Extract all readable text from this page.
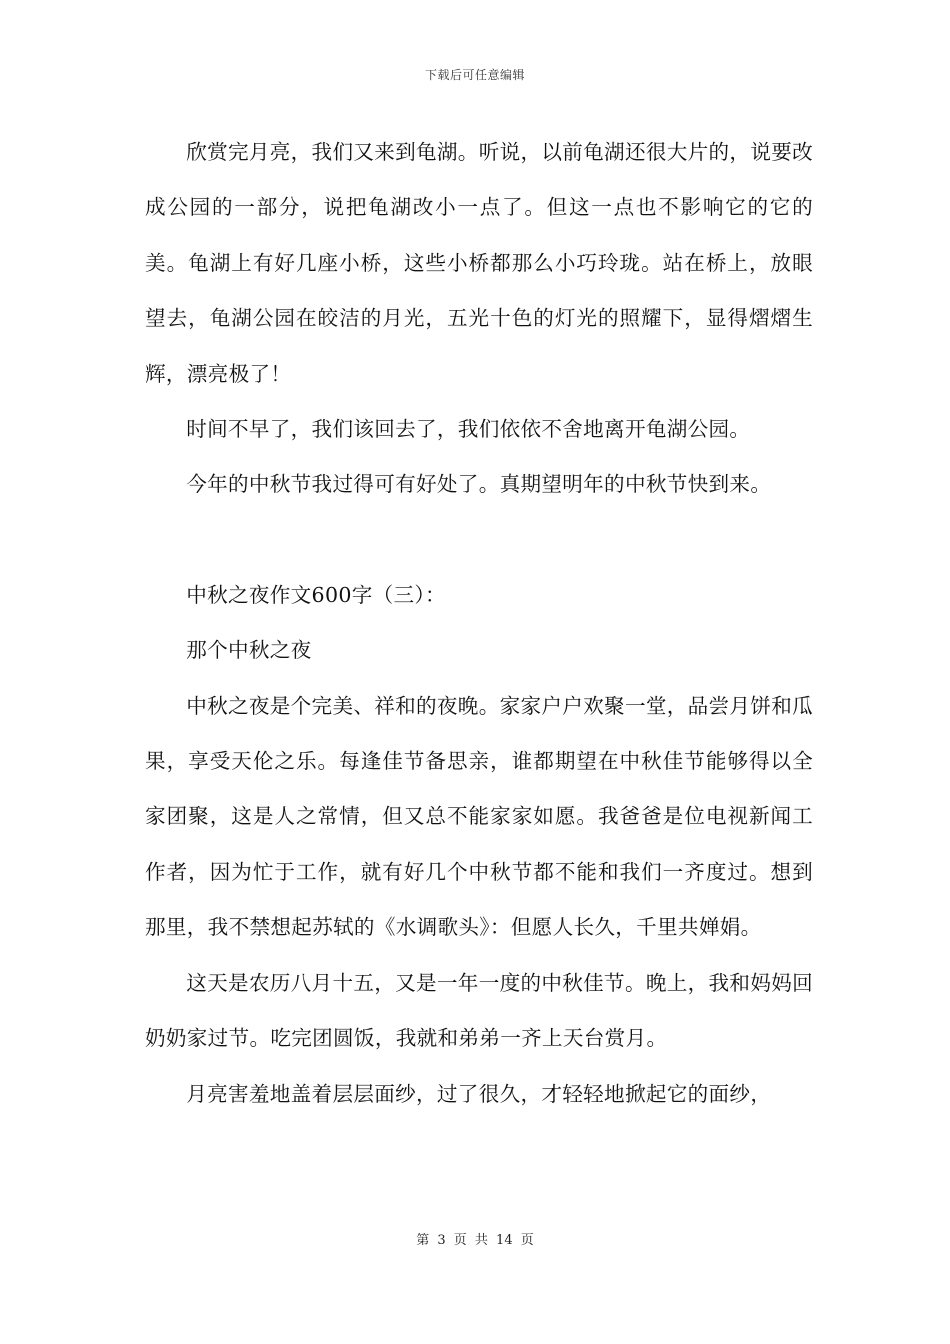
下载后可任意编辑

欣赏完月亮，我们又来到龟湖。听说，以前龟湖还很大片的，说要改成公园的一部分，说把龟湖改小一点了。但这一点也不影响它的它的美。龟湖上有好几座小桥，这些小桥都那么小巧玲珑。站在桥上，放眼望去，龟湖公园在皎洁的月光，五光十色的灯光的照耀下，显得熠熠生辉，漂亮极了！

时间不早了，我们该回去了，我们依依不舍地离开龟湖公园。

今年的中秋节我过得可有好处了。真期望明年的中秋节快到来。

中秋之夜作文600字（三）：

那个中秋之夜

中秋之夜是个完美、祥和的夜晚。家家户户欢聚一堂，品尝月饼和瓜果，享受天伦之乐。每逢佳节备思亲，谁都期望在中秋佳节能够得以全家团聚，这是人之常情，但又总不能家家如愿。我爸爸是位电视新闻工作者，因为忙于工作，就有好几个中秋节都不能和我们一齐度过。想到那里，我不禁想起苏轼的《水调歌头》：但愿人长久，千里共婵娟。

这天是农历八月十五，又是一年一度的中秋佳节。晚上，我和妈妈回奶奶家过节。吃完团圆饭，我就和弟弟一齐上天台赏月。

月亮害羞地盖着层层面纱，过了很久，才轻轻地掀起它的面纱，

第 3 页 共 14 页
